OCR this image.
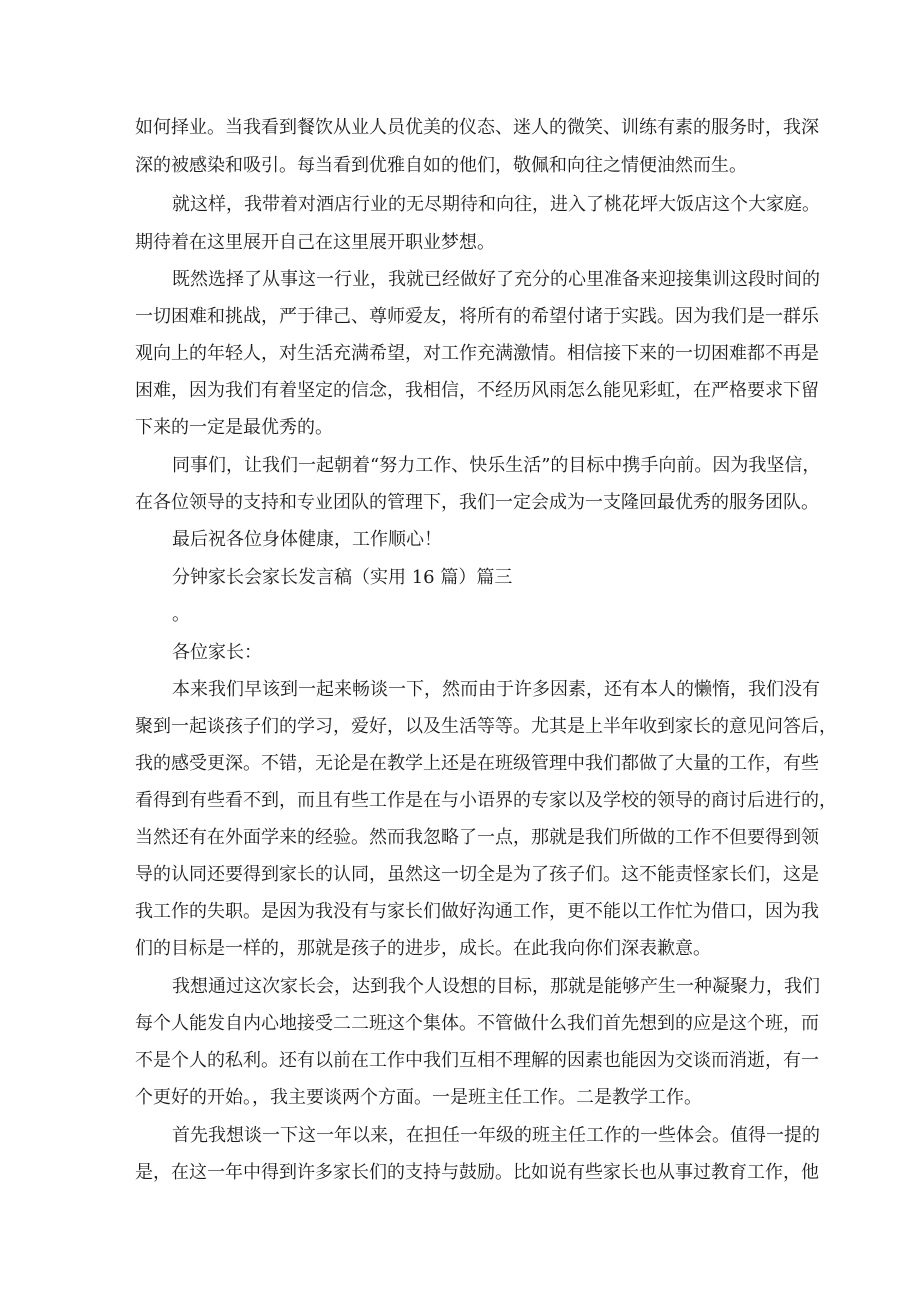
如何择业。当我看到餐饮从业人员优美的仪态、迷人的微笑、训练有素的服务时，我深
深的被感染和吸引。每当看到优雅自如的他们，敬佩和向往之情便油然而生。
就这样，我带着对酒店行业的无尽期待和向往，进入了桃花坪大饭店这个大家庭。
期待着在这里展开自己在这里展开职业梦想。
既然选择了从事这一行业，我就已经做好了充分的心里准备来迎接集训这段时间的
一切困难和挑战，严于律己、尊师爱友，将所有的希望付诸于实践。因为我们是一群乐
观向上的年轻人，对生活充满希望，对工作充满激情。相信接下来的一切困难都不再是
困难，因为我们有着坚定的信念，我相信，不经历风雨怎么能见彩虹，在严格要求下留
下来的一定是最优秀的。
同事们，让我们一起朝着“努力工作、快乐生活”的目标中携手向前。因为我坚信，
在各位领导的支持和专业团队的管理下，我们一定会成为一支隆回最优秀的服务团队。
最后祝各位身体健康，工作顺心！
分钟家长会家长发言稿（实用 16 篇）篇三
。
各位家长：
本来我们早该到一起来畅谈一下，然而由于许多因素，还有本人的懒惰，我们没有
聚到一起谈孩子们的学习，爱好，以及生活等等。尤其是上半年收到家长的意见问答后，
我的感受更深。不错，无论是在教学上还是在班级管理中我们都做了大量的工作，有些
看得到有些看不到，而且有些工作是在与小语界的专家以及学校的领导的商讨后进行的，
当然还有在外面学来的经验。然而我忽略了一点，那就是我们所做的工作不但要得到领
导的认同还要得到家长的认同，虽然这一切全是为了孩子们。这不能责怪家长们，这是
我工作的失职。是因为我没有与家长们做好沟通工作，更不能以工作忙为借口，因为我
们的目标是一样的，那就是孩子的进步，成长。在此我向你们深表歉意。
我想通过这次家长会，达到我个人设想的目标，那就是能够产生一种凝聚力，我们
每个人能发自内心地接受二二班这个集体。不管做什么我们首先想到的应是这个班，而
不是个人的私利。还有以前在工作中我们互相不理解的因素也能因为交谈而消逝，有一
个更好的开始。，我主要谈两个方面。一是班主任工作。二是教学工作。
首先我想谈一下这一年以来，在担任一年级的班主任工作的一些体会。值得一提的
是，在这一年中得到许多家长们的支持与鼓励。比如说有些家长也从事过教育工作，他
